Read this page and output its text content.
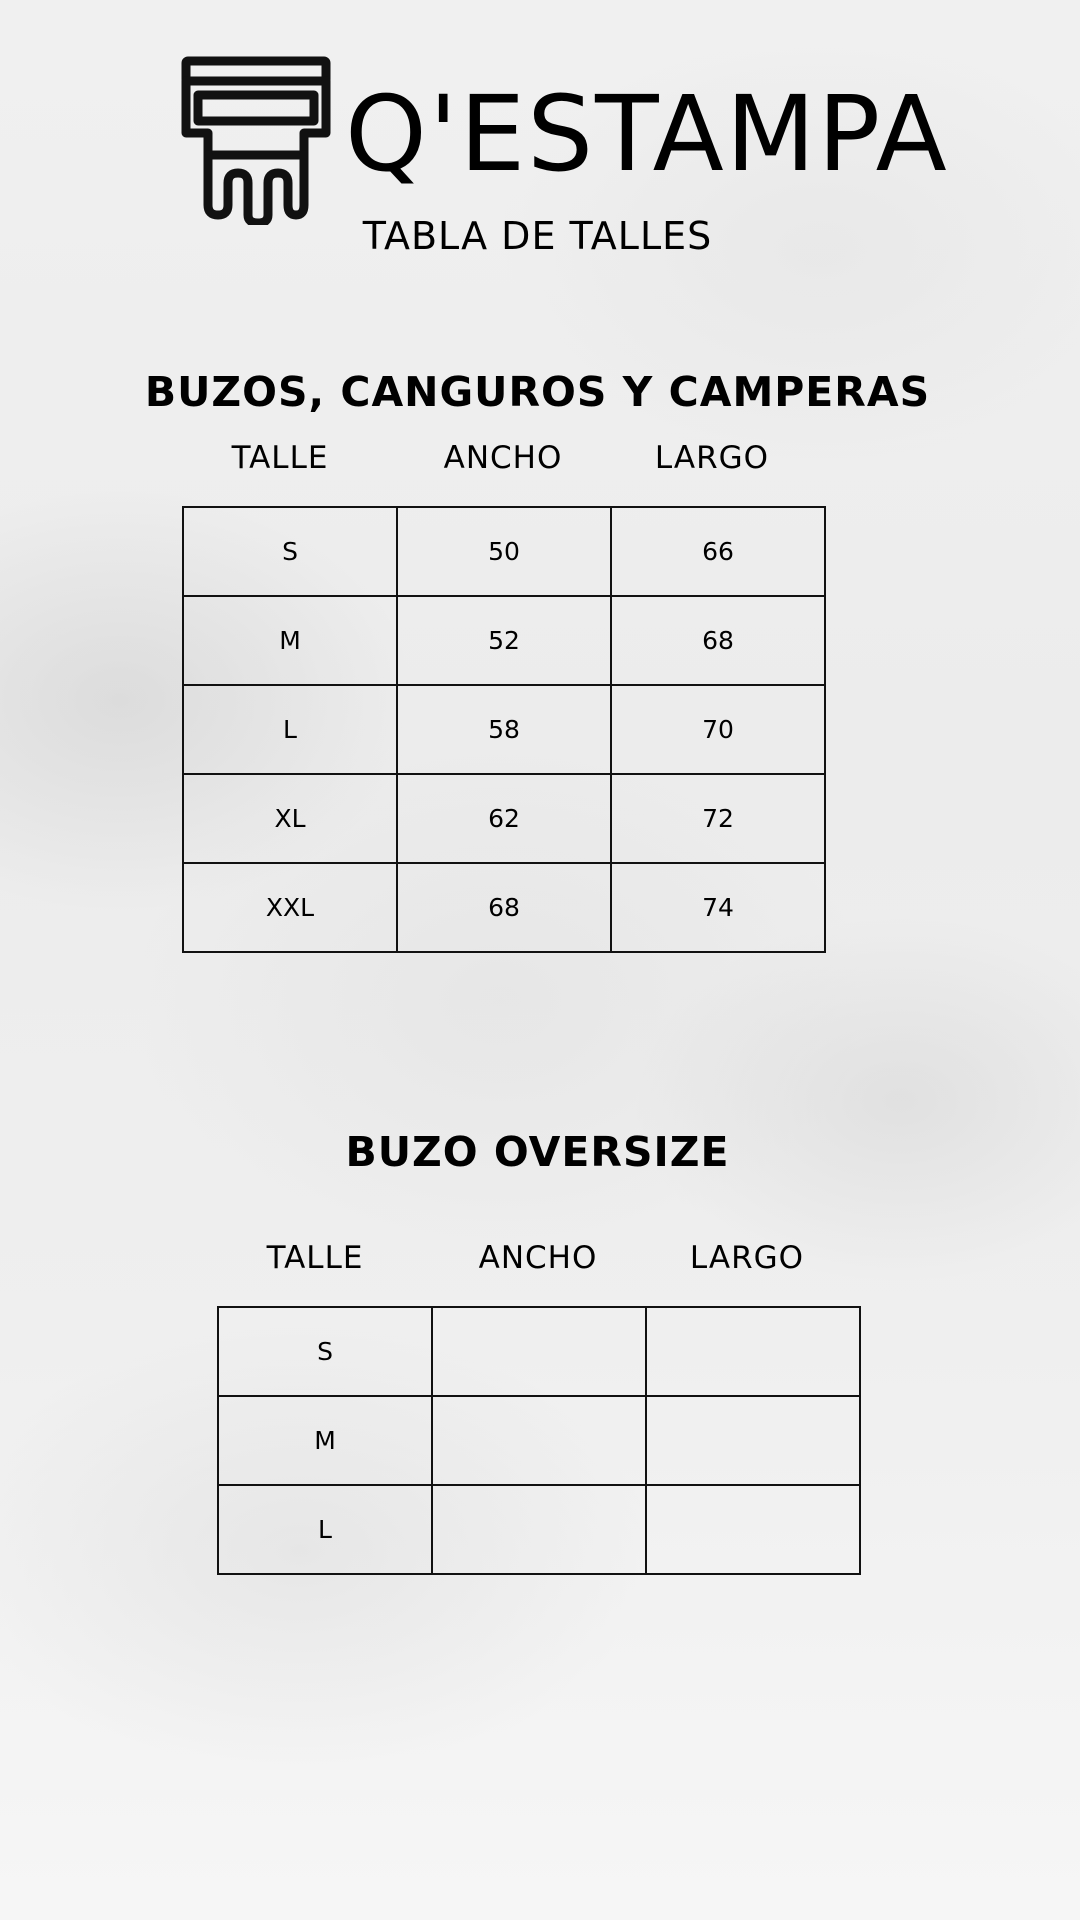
Q'ESTAMPA
TABLA DE TALLES
BUZOS, CANGUROS Y CAMPERAS
TALLE	ANCHO	LARGO
S	50	66
M	52	68
L	58	70
XL	62	72
XXL	68	74
BUZO OVERSIZE
TALLE	ANCHO	LARGO
S		
M		
L		
